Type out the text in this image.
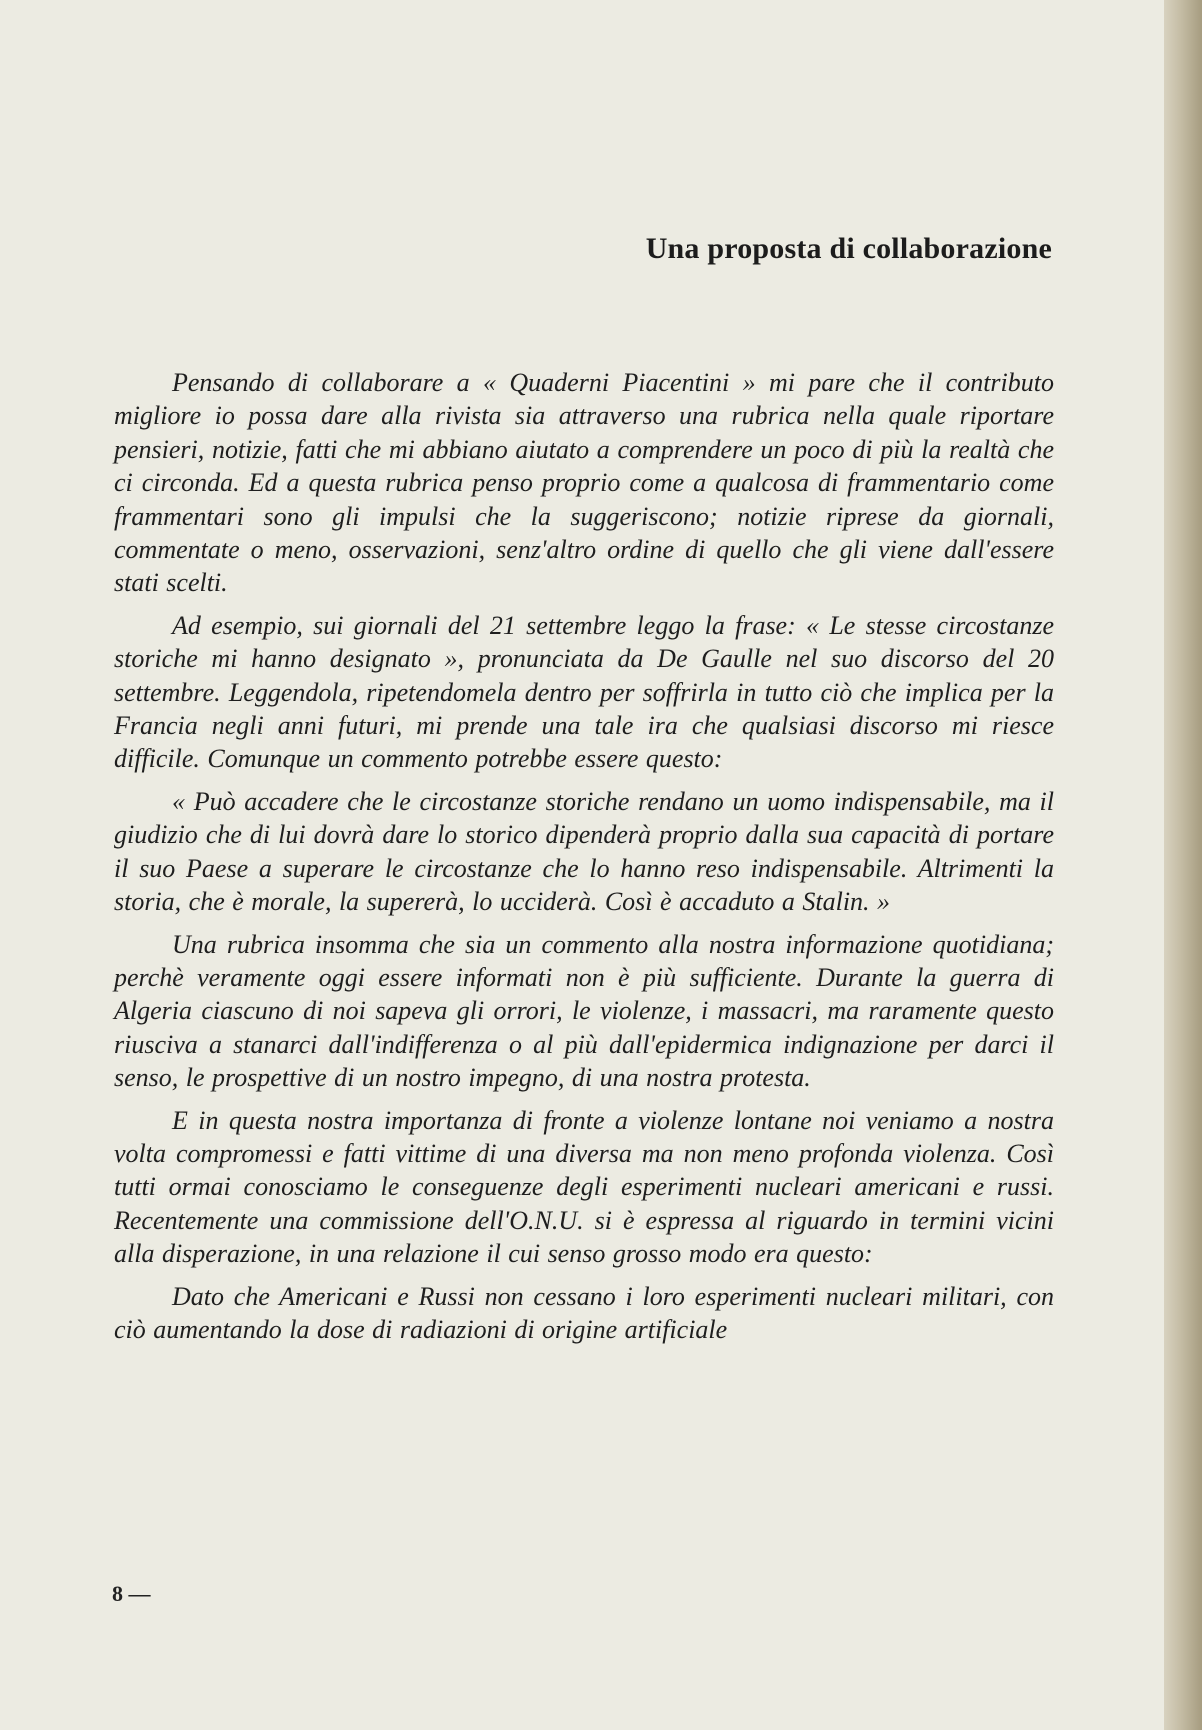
Una proposta di collaborazione

Pensando di collaborare a « Quaderni Piacentini » mi pare che il contributo migliore io possa dare alla rivista sia attraverso una rubrica nella quale riportare pensieri, notizie, fatti che mi abbiano aiutato a comprendere un poco di più la realtà che ci circonda. Ed a questa rubrica penso proprio come a qualcosa di frammentario come frammentari sono gli impulsi che la suggeriscono; notizie riprese da giornali, commentate o meno, osservazioni, senz'altro ordine di quello che gli viene dall'essere stati scelti.

Ad esempio, sui giornali del 21 settembre leggo la frase: « Le stesse circostanze storiche mi hanno designato », pronunciata da De Gaulle nel suo discorso del 20 settembre. Leggendola, ripetendomela dentro per soffrirla in tutto ciò che implica per la Francia negli anni futuri, mi prende una tale ira che qualsiasi discorso mi riesce difficile. Comunque un commento potrebbe essere questo:

« Può accadere che le circostanze storiche rendano un uomo indispensabile, ma il giudizio che di lui dovrà dare lo storico dipenderà proprio dalla sua capacità di portare il suo Paese a superare le circostanze che lo hanno reso indispensabile. Altrimenti la storia, che è morale, la supererà, lo ucciderà. Così è accaduto a Stalin. »

Una rubrica insomma che sia un commento alla nostra informazione quotidiana; perchè veramente oggi essere informati non è più sufficiente. Durante la guerra di Algeria ciascuno di noi sapeva gli orrori, le violenze, i massacri, ma raramente questo riusciva a stanarci dall'indifferenza o al più dall'epidermica indignazione per darci il senso, le prospettive di un nostro impegno, di una nostra protesta.

E in questa nostra importanza di fronte a violenze lontane noi veniamo a nostra volta compromessi e fatti vittime di una diversa ma non meno profonda violenza. Così tutti ormai conosciamo le conseguenze degli esperimenti nucleari americani e russi. Recentemente una commissione dell'O.N.U. si è espressa al riguardo in termini vicini alla disperazione, in una relazione il cui senso grosso modo era questo:

Dato che Americani e Russi non cessano i loro esperimenti nucleari militari, con ciò aumentando la dose di radiazioni di origine artificiale

8 —
